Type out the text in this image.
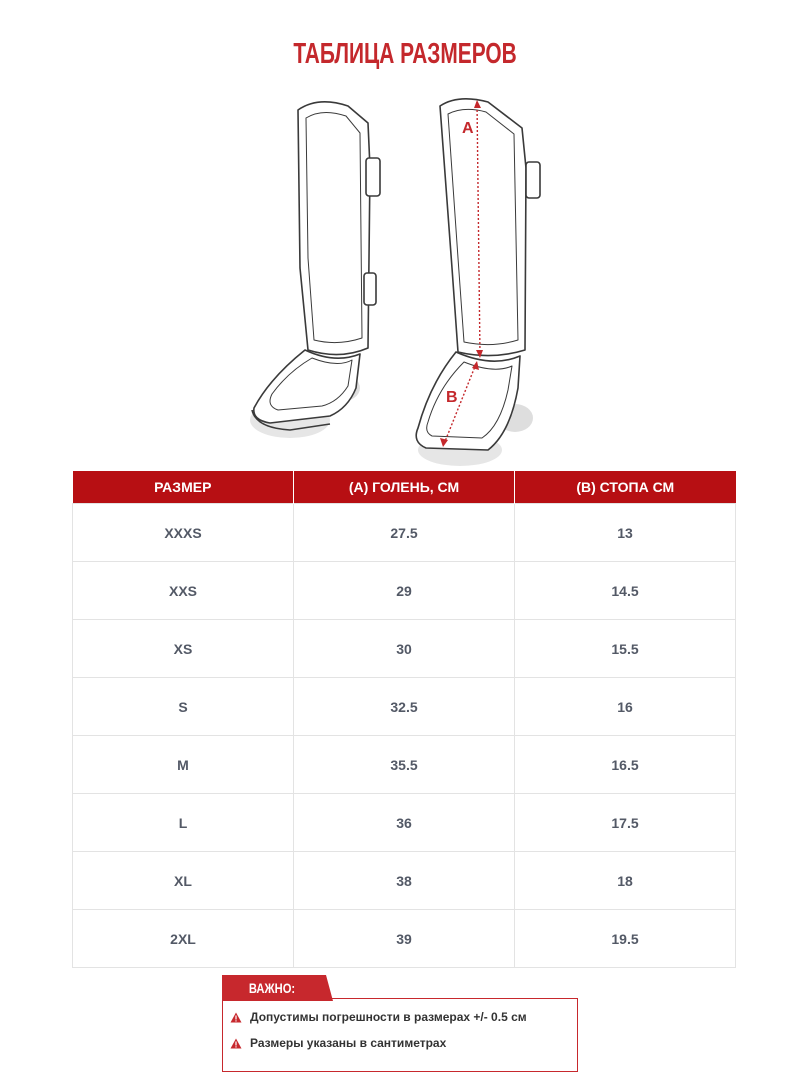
ТАБЛИЦА РАЗМЕРОВ
A
B
РАЗМЕР	(А) ГОЛЕНЬ, СМ	(B) СТОПА СМ
XXXS	27.5	13
XXS	29	14.5
XS	30	15.5
S	32.5	16
M	35.5	16.5
L	36	17.5
XL	38	18
2XL	39	19.5
ВАЖНО:
Допустимы погрешности в размерах +/- 0.5 см
Размеры указаны в сантиметрах
